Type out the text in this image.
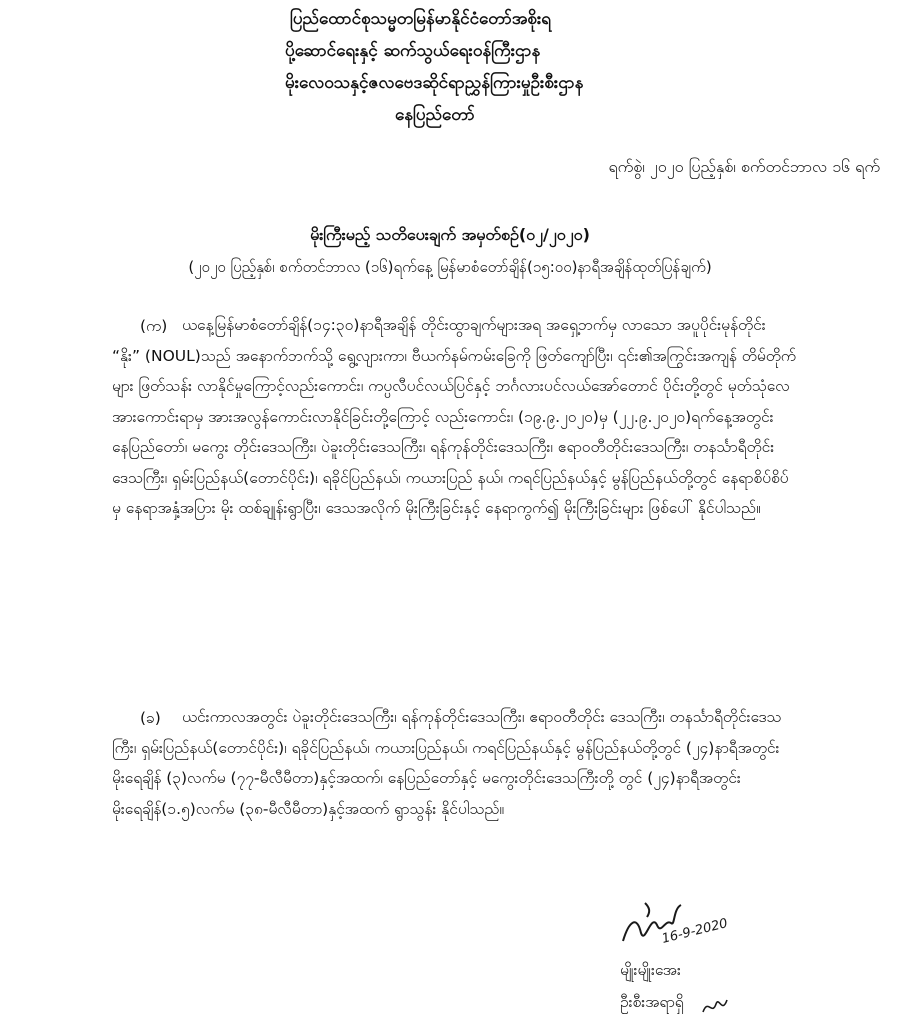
ပြည်ထောင်စုသမ္မတမြန်မာနိုင်ငံတော်အစိုးရ
ပို့ဆောင်ရေးနှင့် ဆက်သွယ်ရေးဝန်ကြီးဌာန
မိုးလေဝသနှင့်ဇလဗေဒဆိုင်ရာညွှန်ကြားမှုဦးစီးဌာန
နေပြည်တော်
ရက်စွဲ၊ ၂၀၂၀ ပြည့်နှစ်၊ စက်တင်ဘာလ ၁၆ ရက်
မိုးကြီးမည့် သတိပေးချက် အမှတ်စဉ်(၀၂/၂၀၂၀)
(၂၀၂၀ ပြည့်နှစ်၊ စက်တင်ဘာလ (၁၆)ရက်နေ့ မြန်မာစံတော်ချိန်(၁၅:၀၀)နာရီအချိန်ထုတ်ပြန်ချက်)
ယနေ့မြန်မာစံတော်ချိန်(၁၄:၃၀)နာရီအချိန် တိုင်းထွာချက်များအရ အရှေ့ဘက်မှ လာသော အပူပိုင်းမုန်တိုင်း “နိုး” (NOUL)သည် အနောက်ဘက်သို့ ရွေ့လျားကာ၊ ဗီယက်နမ်ကမ်းခြေကို ဖြတ်ကျော်ပြီး၊ ၎င်း၏အကြွင်းအကျန် တိမ်တိုက်များ ဖြတ်သန်း လာနိုင်မှုကြောင့်လည်းကောင်း၊ ကပ္ပလီပင်လယ်ပြင်နှင့် ဘင်္ဂလားပင်လယ်အော်တောင် ပိုင်းတို့တွင် မုတ်သုံလေအားကောင်းရာမှ အားအလွန်ကောင်းလာနိုင်ခြင်းတို့ကြောင့် လည်းကောင်း၊ (၁၉.၉.၂၀၂၀)မှ (၂၂.၉.၂၀၂၀)ရက်နေ့အတွင်း နေပြည်တော်၊ မကွေး တိုင်းဒေသကြီး၊ ပဲခူးတိုင်းဒေသကြီး၊ ရန်ကုန်တိုင်းဒေသကြီး၊ ဧရာဝတီတိုင်းဒေသကြီး၊ တနင်္သာရီတိုင်းဒေသကြီး၊ ရှမ်းပြည်နယ်(တောင်ပိုင်း)၊ ရခိုင်ပြည်နယ်၊ ကယားပြည် နယ်၊ ကရင်ပြည်နယ်နှင့် မွန်ပြည်နယ်တို့တွင် နေရာစိပ်စိပ်မှ နေရာအနှံ့အပြား မိုး ထစ်ချုန်းရွာပြီး၊ ဒေသအလိုက် မိုးကြီးခြင်းနှင့် နေရာကွက်၍ မိုးကြီးခြင်းများ ဖြစ်ပေါ် နိုင်ပါသည်။
(က)
ယင်းကာလအတွင်း ပဲခူးတိုင်းဒေသကြီး၊ ရန်ကုန်တိုင်းဒေသကြီး၊ ဧရာဝတီတိုင်း ဒေသကြီး၊ တနင်္သာရီတိုင်းဒေသကြီး၊ ရှမ်းပြည်နယ်(တောင်ပိုင်း)၊ ရခိုင်ပြည်နယ်၊ ကယားပြည်နယ်၊ ကရင်ပြည်နယ်နှင့် မွန်ပြည်နယ်တို့တွင် (၂၄)နာရီအတွင်း မိုးရေချိန် (၃)လက်မ (၇၇-မီလီမီတာ)နှင့်အထက်၊ နေပြည်တော်နှင့် မကွေးတိုင်းဒေသကြီးတို့ တွင် (၂၄)နာရီအတွင်း မိုးရေချိန်(၁.၅)လက်မ (၃၈-မီလီမီတာ)နှင့်အထက် ရွာသွန်း နိုင်ပါသည်။
(ခ)
16-9-2020
မျိုးမျိုးအေး
ဦးစီးအရာရှိ
